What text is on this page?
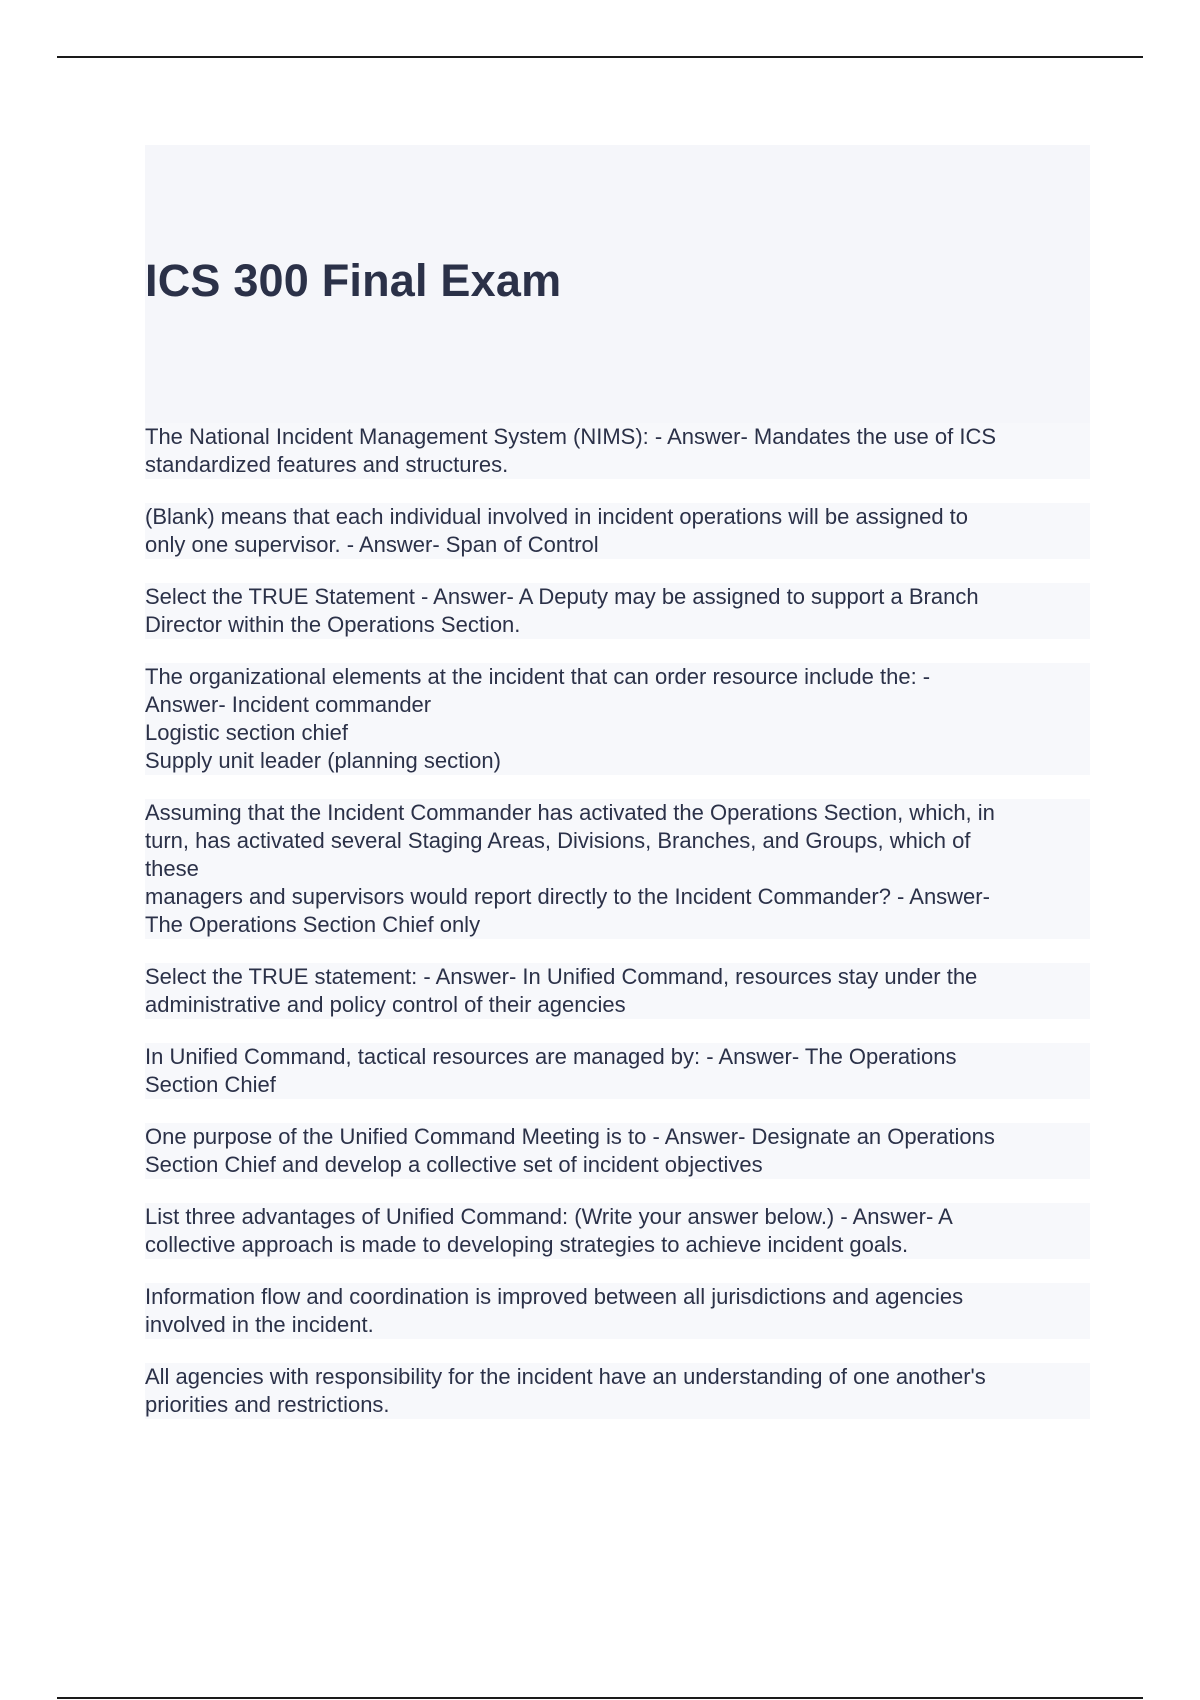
ICS 300 Final Exam
The National Incident Management System (NIMS): - Answer- Mandates the use of ICS
standardized features and structures.
(Blank) means that each individual involved in incident operations will be assigned to
only one supervisor. - Answer- Span of Control
Select the TRUE Statement - Answer- A Deputy may be assigned to support a Branch
Director within the Operations Section.
The organizational elements at the incident that can order resource include the: -
Answer- Incident commander
Logistic section chief
Supply unit leader (planning section)
Assuming that the Incident Commander has activated the Operations Section, which, in
turn, has activated several Staging Areas, Divisions, Branches, and Groups, which of
these
managers and supervisors would report directly to the Incident Commander? - Answer-
The Operations Section Chief only
Select the TRUE statement: - Answer- In Unified Command, resources stay under the
administrative and policy control of their agencies
In Unified Command, tactical resources are managed by: - Answer- The Operations
Section Chief
One purpose of the Unified Command Meeting is to - Answer- Designate an Operations
Section Chief and develop a collective set of incident objectives
List three advantages of Unified Command: (Write your answer below.) - Answer- A
collective approach is made to developing strategies to achieve incident goals.
Information flow and coordination is improved between all jurisdictions and agencies
involved in the incident.
All agencies with responsibility for the incident have an understanding of one another's
priorities and restrictions.
